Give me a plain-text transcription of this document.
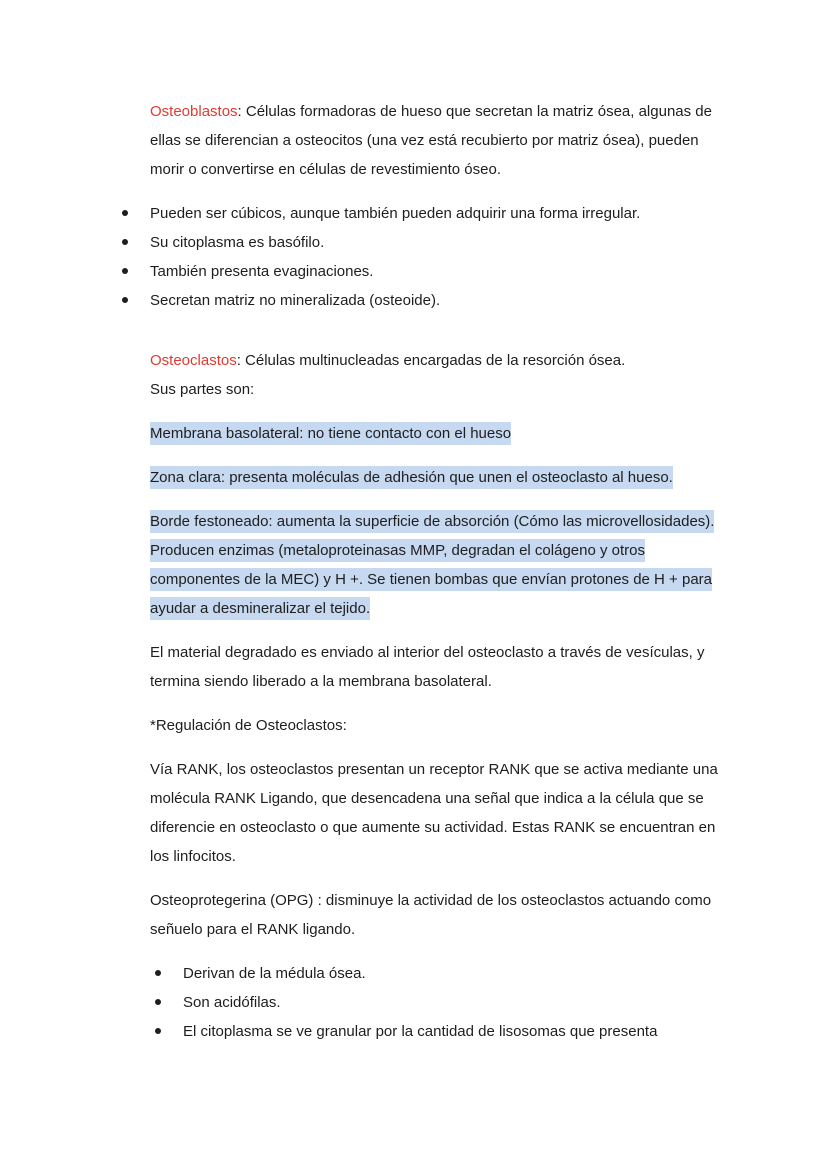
Osteoblastos: Células formadoras de hueso que secretan la matriz ósea, algunas de ellas se diferencian a osteocitos (una vez está recubierto por matriz ósea), pueden morir o convertirse en células de revestimiento óseo.

Pueden ser cúbicos, aunque también pueden adquirir una forma irregular.
Su citoplasma es basófilo.
También presenta evaginaciones.
Secretan matriz no mineralizada (osteoide).

Osteoclastos: Células multinucleadas encargadas de la resorción ósea.

Sus partes son:

Membrana basolateral: no tiene contacto con el hueso

Zona clara: presenta moléculas de adhesión que unen el osteoclasto al hueso.

Borde festoneado: aumenta la superficie de absorción (Cómo las microvellosidades). Producen enzimas (metaloproteinasas MMP, degradan el colágeno y otros componentes de la MEC) y H +. Se tienen bombas que envían protones de H + para ayudar a desmineralizar el tejido.

El material degradado es enviado al interior del osteoclasto a través de vesículas, y termina siendo liberado a la membrana basolateral.

*Regulación de Osteoclastos:

Vía RANK, los osteoclastos presentan un receptor RANK que se activa mediante una molécula RANK Ligando, que desencadena una señal que indica a la célula que se diferencie en osteoclasto o que aumente su actividad. Estas RANK se encuentran en los linfocitos.

Osteoprotegerina (OPG) : disminuye la actividad de los osteoclastos actuando como señuelo para el RANK ligando.

Derivan de la médula ósea.
Son acidófilas.
El citoplasma se ve granular por la cantidad de lisosomas que presenta
